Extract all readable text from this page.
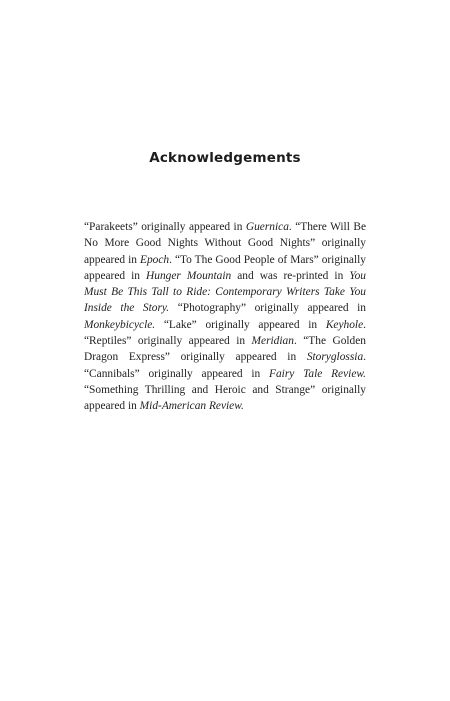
Acknowledgements

“Parakeets” originally appeared in Guernica. “There Will Be No More Good Nights Without Good Nights” originally appeared in Epoch. “To The Good People of Mars” originally appeared in Hunger Mountain and was re-printed in You Must Be This Tall to Ride: Contemporary Writers Take You Inside the Story. “Photography” originally appeared in Monkeybicycle. “Lake” originally appeared in Keyhole. “Reptiles” originally appeared in Meridian. “The Golden Dragon Express” originally appeared in Storyglossia. “Cannibals” originally appeared in Fairy Tale Review. “Something Thrilling and Heroic and Strange” originally appeared in Mid-American Review.
